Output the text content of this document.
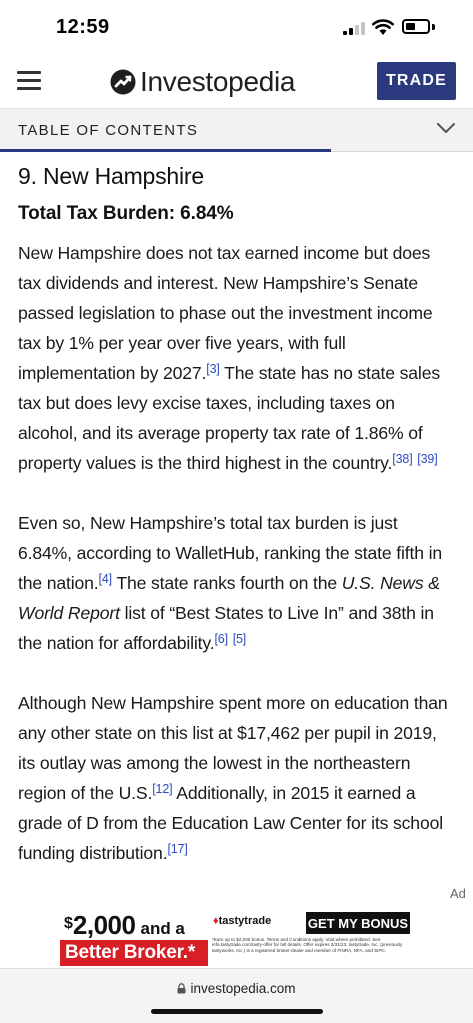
12:59
Investopedia	TRADE
TABLE OF CONTENTS
9. New Hampshire
Total Tax Burden: 6.84%

New Hampshire does not tax earned income but does tax dividends and interest. New Hampshire’s Senate passed legislation to phase out the investment income tax by 1% per year over five years, with full implementation by 2027.[3] The state has no state sales tax but does levy excise taxes, including taxes on alcohol, and its average property tax rate of 1.86% of property values is the third highest in the country.[38] [39]

Even so, New Hampshire’s total tax burden is just 6.84%, according to WalletHub, ranking the state fifth in the nation.[4] The state ranks fourth on the U.S. News & World Report list of “Best States to Live In” and 38th in the nation for affordability.[6] [5]

Although New Hampshire spent more on education than any other state on this list at $17,462 per pupil in 2019, its outlay was among the lowest in the northeastern region of the U.S.[12] Additionally, in 2015 it earned a grade of D from the Education Law Center for its school funding distribution.[17]

Ad
$2,000 and a
Better Broker.*
♦tastytrade	GET MY BONUS
*Earn up to $2,000 bonus. Terms and Conditions apply. Void where prohibited. See info.tastytrade.com/tasty-offer for full details. Offer expires 3/31/23. tastytrade, Inc. (previously tastyworks, Inc.) is a registered broker-dealer and member of FINRA, NFA, and SIPC.
investopedia.com
